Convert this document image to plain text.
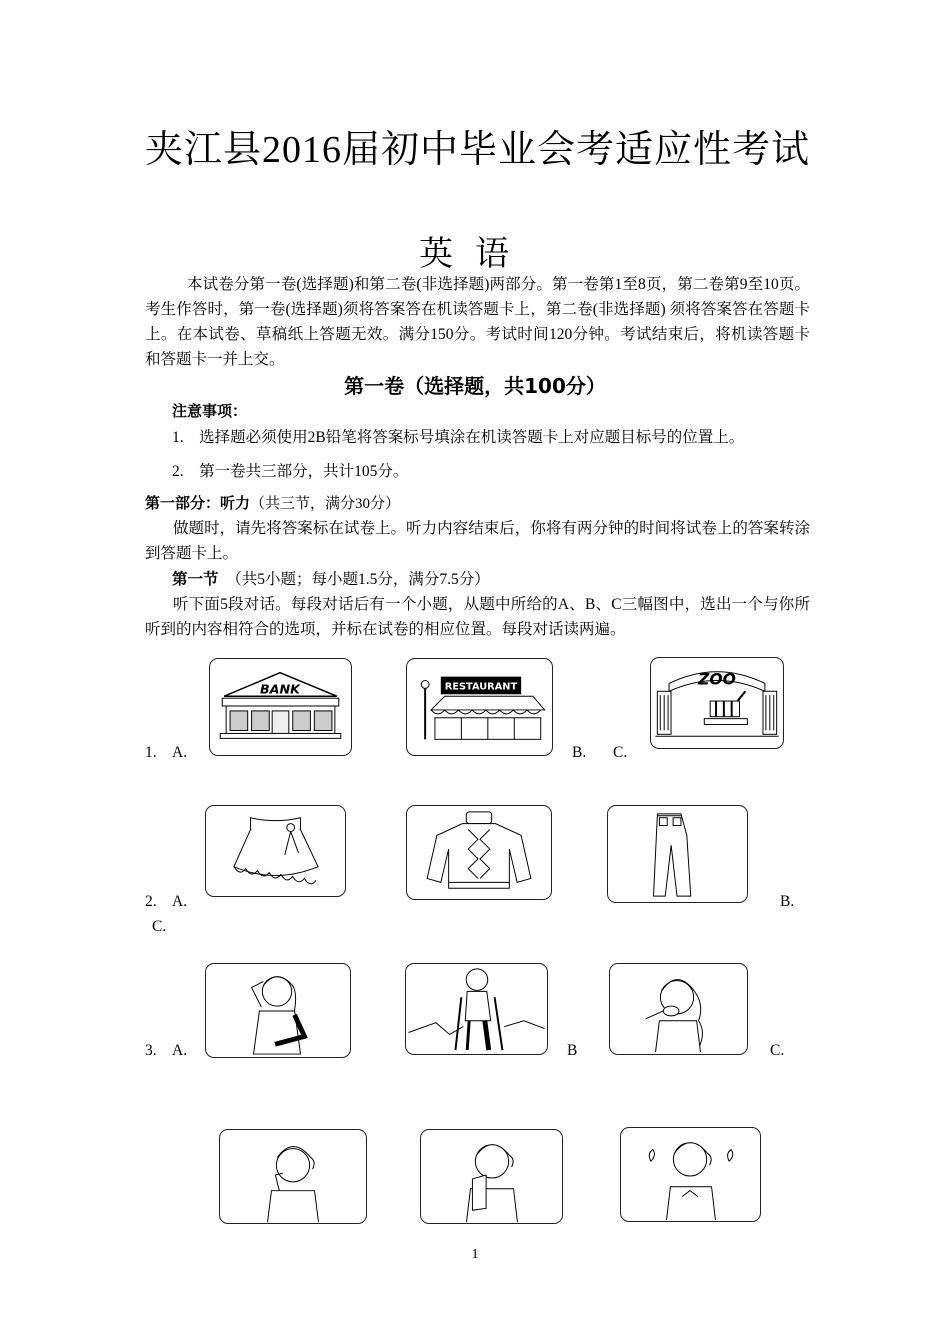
夹江县2016届初中毕业会考适应性考试
英语
本试卷分第一卷(选择题)和第二卷(非选择题)两部分。第一卷第1至8页，第二卷第9至10页。考生作答时，第一卷(选择题)须将答案答在机读答题卡上，第二卷(非选择题) 须将答案答在答题卡上。在本试卷、草稿纸上答题无效。满分150分。考试时间120分钟。考试结束后，将机读答题卡和答题卡一并上交。
第一卷（选择题，共100分）
注意事项：
1.　选择题必须使用2B铅笔将答案标号填涂在机读答题卡上对应题目标号的位置上。
2.　第一卷共三部分，共计105分。
第一部分：听力（共三节，满分30分）
做题时，请先将答案标在试卷上。听力内容结束后，你将有两分钟的时间将试卷上的答案转涂到答题卡上。
第一节　（共5小题；每小题1.5分，满分7.5分）
听下面5段对话。每段对话后有一个小题，从题中所给的A、B、C三幅图中，选出一个与你所听到的内容相符合的选项，并标在试卷的相应位置。每段对话读两遍。
1. A.	B. C.
BANK	RESTAURANT	ZOO
2. A.	B.
C.
3. A.	B	C.
1
